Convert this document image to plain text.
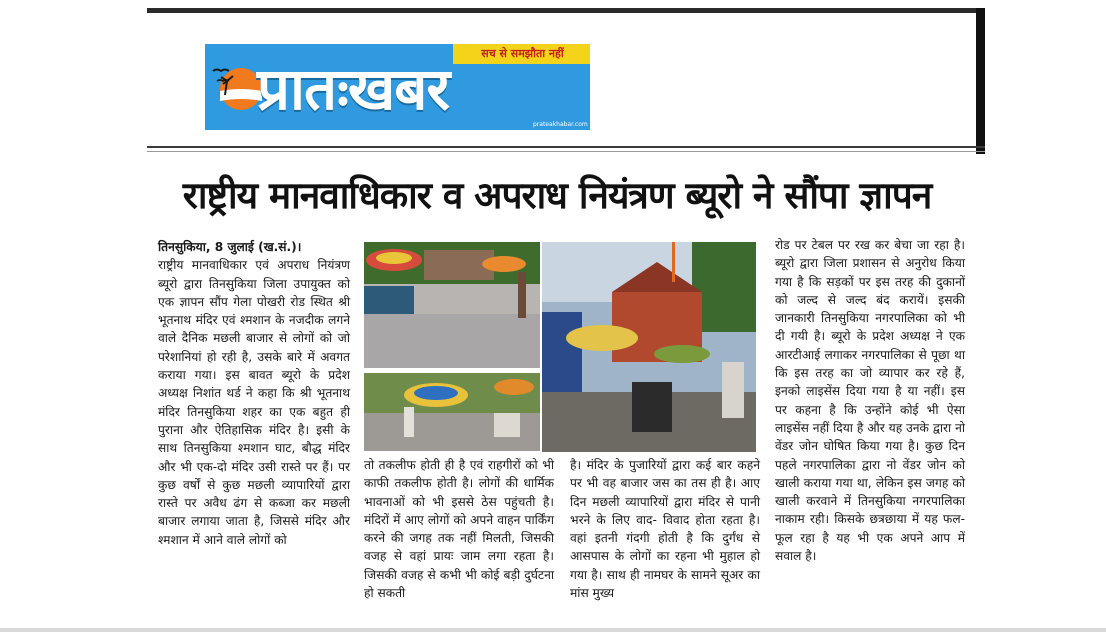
सच से समझौता नहीं
प्रातःखबर
prateakhabar.com
राष्ट्रीय मानवाधिकार व अपराध नियंत्रण ब्यूरो ने सौंपा ज्ञापन

तिनसुकिया, 8 जुलाई (ख.सं.)।

राष्ट्रीय मानवाधिकार एवं अपराध नियंत्रण ब्यूरो द्वारा तिनसुकिया जिला उपायुक्त को एक ज्ञापन सौंप गेला पोखरी रोड स्थित श्री भूतनाथ मंदिर एवं श्मशान के नजदीक लगने वाले दैनिक मछली बाजार से लोगों को जो परेशानियां हो रही है, उसके बारे में अवगत कराया गया। इस बावत ब्यूरो के प्रदेश अध्यक्ष निशांत थर्ड ने कहा कि श्री भूतनाथ मंदिर तिनसुकिया शहर का एक बहुत ही पुराना और ऐतिहासिक मंदिर है। इसी के साथ तिनसुकिया श्मशान घाट, बौद्ध मंदिर और भी एक-दो मंदिर उसी रास्ते पर हैं। पर कुछ वर्षों से कुछ मछली व्यापारियों द्वारा रास्ते पर अवैध ढंग से कब्जा कर मछली बाजार लगाया जाता है, जिससे मंदिर और श्मशान में आने वाले लोगों को

तो तकलीफ होती ही है एवं राहगीरों को भी काफी तकलीफ होती है। लोगों की धार्मिक भावनाओं को भी इससे ठेस पहुंचती है। मंदिरों में आए लोगों को अपने वाहन पार्किंग करने की जगह तक नहीं मिलती, जिसकी वजह से वहां प्रायः जाम लगा रहता है। जिसकी वजह से कभी भी कोई बड़ी दुर्घटना हो सकती

है। मंदिर के पुजारियों द्वारा कई बार कहने पर भी वह बाजार जस का तस ही है। आए दिन मछली व्यापारियों द्वारा मंदिर से पानी भरने के लिए वाद- विवाद होता रहता है। वहां इतनी गंदगी होती है कि दुर्गंध से आसपास के लोगों का रहना भी मुहाल हो गया है। साथ ही नामघर के सामने सूअर का मांस मुख्य

रोड पर टेबल पर रख कर बेचा जा रहा है। ब्यूरो द्वारा जिला प्रशासन से अनुरोध किया गया है कि सड़कों पर इस तरह की दुकानों को जल्द से जल्द बंद करायें। इसकी जानकारी तिनसुकिया नगरपालिका को भी दी गयी है। ब्यूरो के प्रदेश अध्यक्ष ने एक आरटीआई लगाकर नगरपालिका से पूछा था कि इस तरह का जो व्यापार कर रहे हैं, इनको लाइसेंस दिया गया है या नहीं। इस पर कहना है कि उन्होंने कोई भी ऐसा लाइसेंस नहीं दिया है और यह उनके द्वारा नो वेंडर जोन घोषित किया गया है। कुछ दिन पहले नगरपालिका द्वारा नो वेंडर जोन को खाली कराया गया था, लेकिन इस जगह को खाली करवाने में तिनसुकिया नगरपालिका नाकाम रही। किसके छत्रछाया में यह फल-फूल रहा है यह भी एक अपने आप में सवाल है।
